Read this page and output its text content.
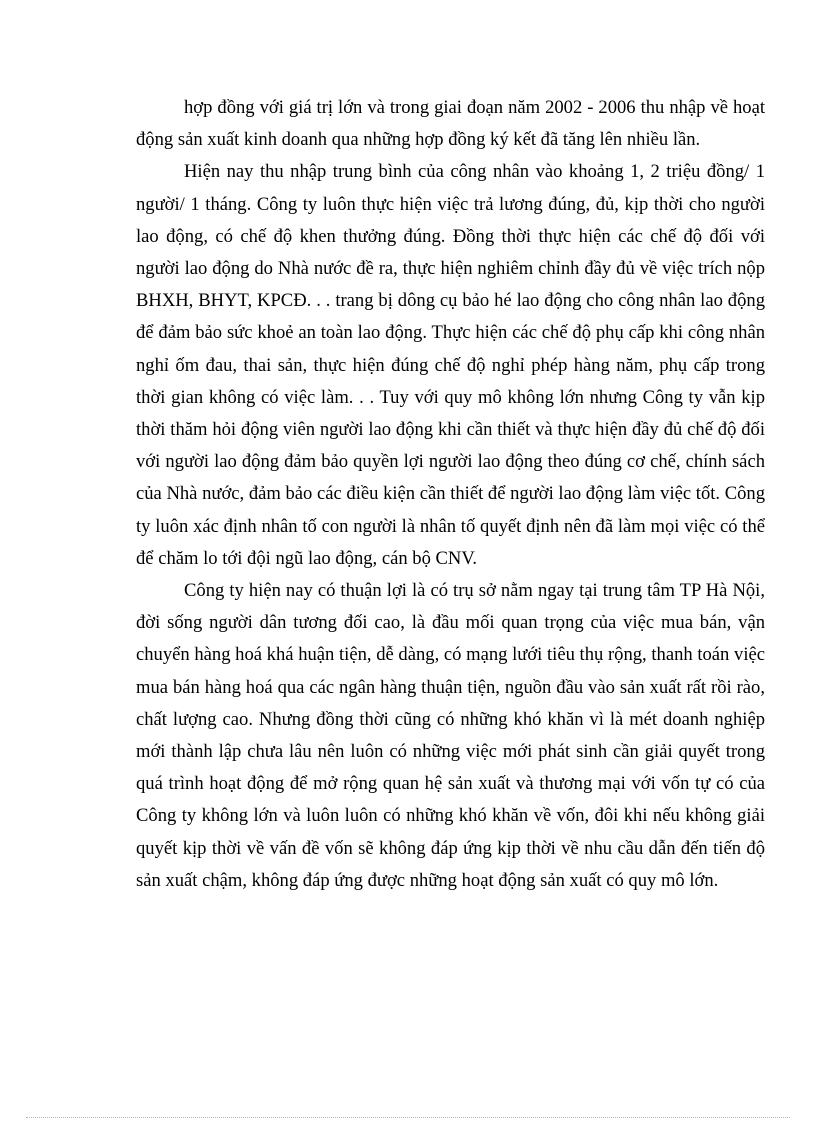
hợp đồng với giá trị lớn và trong giai đoạn năm 2002 - 2006 thu nhập về hoạt động sản xuất kinh doanh qua những hợp đồng ký kết đã tăng lên nhiều lần.

Hiện nay thu nhập trung bình của công nhân vào khoảng 1, 2 triệu đồng/ 1 người/ 1 tháng. Công ty luôn thực hiện việc trả lương đúng, đủ, kịp thời cho người lao động, có chế độ khen thưởng đúng. Đồng thời thực hiện các chế độ đối với người lao động do Nhà nước đề ra, thực hiện nghiêm chỉnh đầy đủ về việc trích nộp BHXH, BHYT, KPCĐ. . . trang bị dông cụ bảo hé lao động cho công nhân lao động để đảm bảo sức khoẻ an toàn lao động. Thực hiện các chế độ phụ cấp khi công nhân nghỉ ốm đau, thai sản, thực hiện đúng chế độ nghỉ phép hàng năm, phụ cấp trong thời gian không có việc làm. . . Tuy với quy mô không lớn nhưng Công ty vẫn kịp thời thăm hỏi động viên người lao động khi cần thiết và thực hiện đầy đủ chế độ đối với người lao động đảm bảo quyền lợi người lao động theo đúng cơ chế, chính sách của Nhà nước, đảm bảo các điều kiện cần thiết để người lao động làm việc tốt. Công ty luôn xác định nhân tố con người là nhân tố quyết định nên đã làm mọi việc có thể để chăm lo tới đội ngũ lao động, cán bộ CNV.

Công ty hiện nay có thuận lợi là có trụ sở nằm ngay tại trung tâm TP Hà Nội, đời sống người dân tương đối cao, là đầu mối quan trọng của việc mua bán, vận chuyển hàng hoá khá huận tiện, dễ dàng, có mạng lưới tiêu thụ rộng, thanh toán việc mua bán hàng hoá qua các ngân hàng thuận tiện, nguồn đầu vào sản xuất rất rồi rào, chất lượng cao. Nhưng đồng thời cũng có những khó khăn vì là mét doanh nghiệp mới thành lập chưa lâu nên luôn có những việc mới phát sinh cần giải quyết trong quá trình hoạt động để mở rộng quan hệ sản xuất và thương mại với vốn tự có của Công ty không lớn và luôn luôn có những khó khăn về vốn, đôi khi nếu không giải quyết kịp thời về vấn đề vốn sẽ không đáp ứng kịp thời về nhu cầu dẫn đến tiến độ sản xuất chậm, không đáp ứng được những hoạt động sản xuất có quy mô lớn.
